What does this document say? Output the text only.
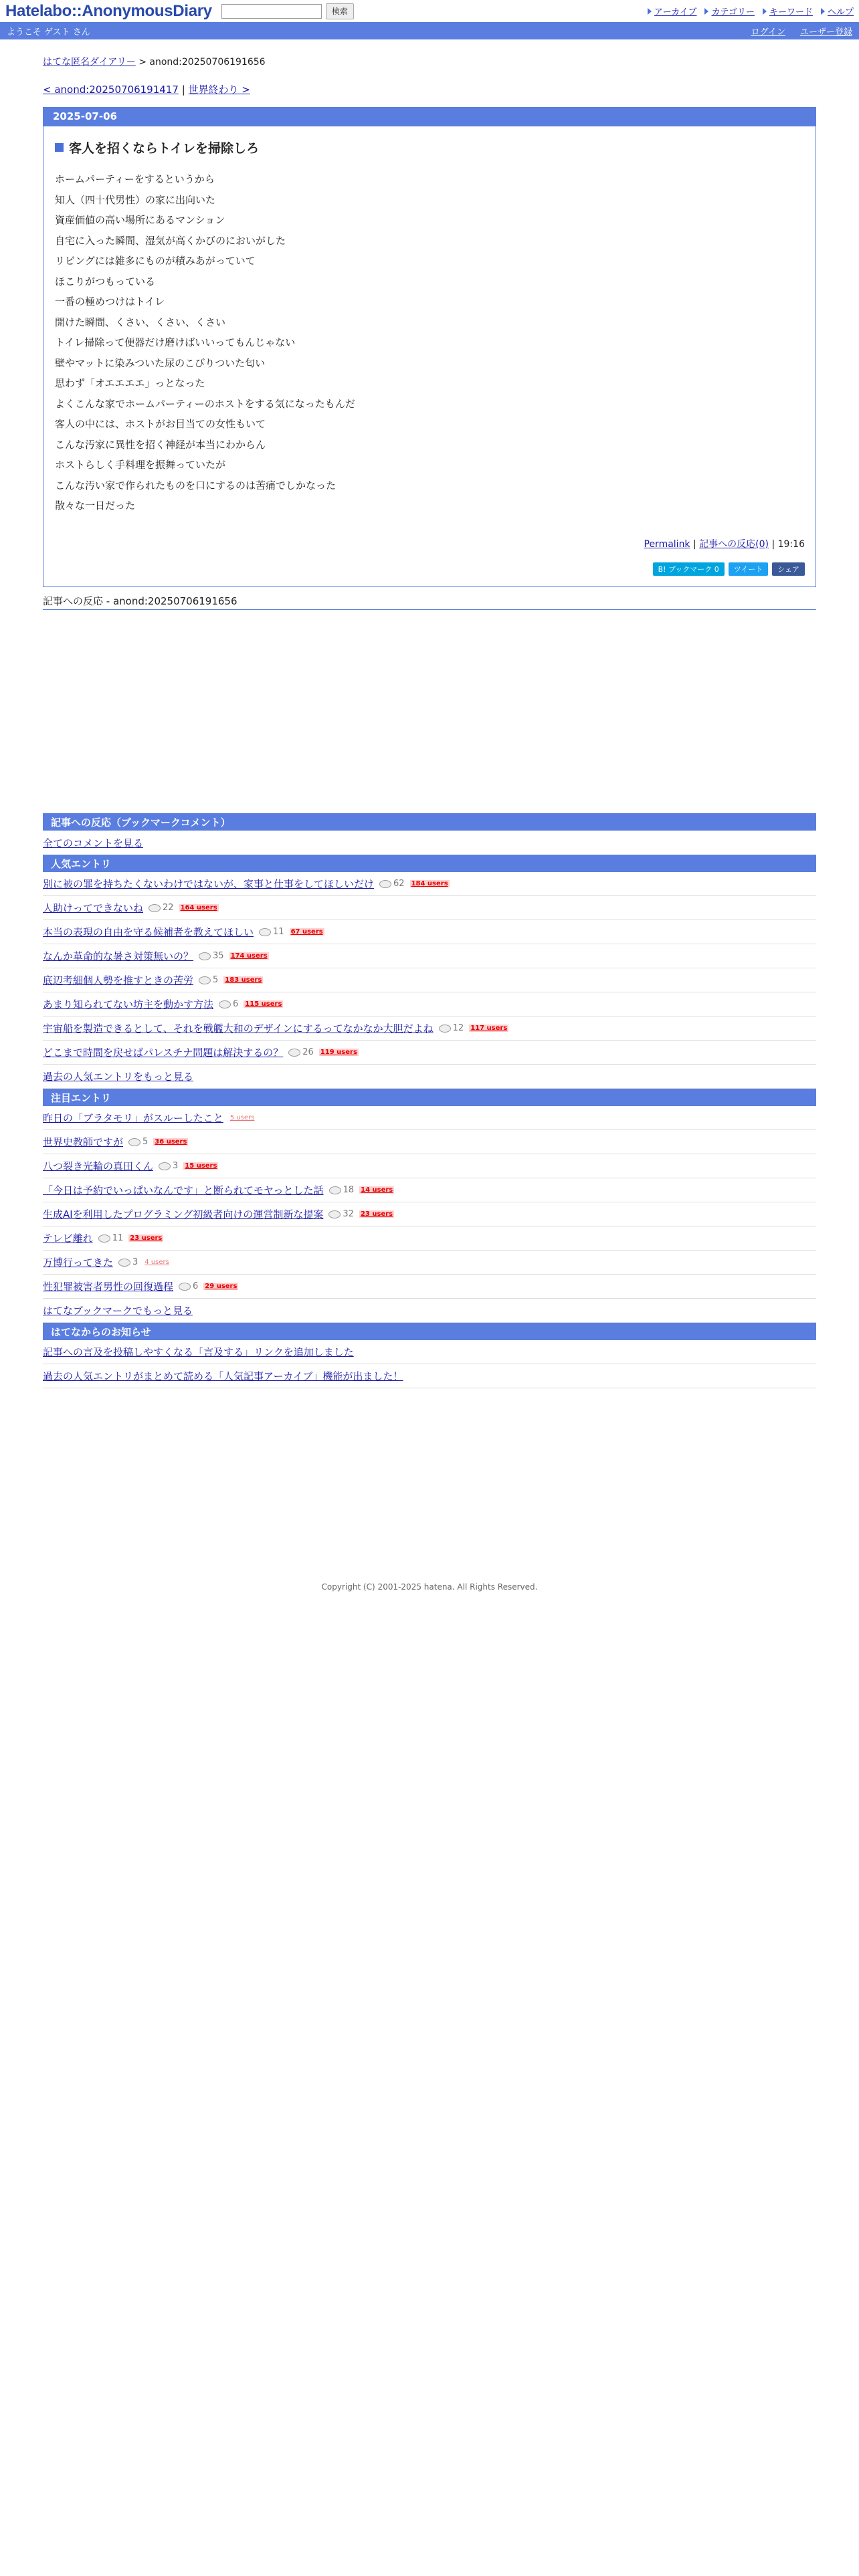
Hatelabo::AnonymousDiary	検索	アーカイブ カテゴリー キーワード ヘルプ
ようこそ ゲスト さん	ログイン ユーザー登録
はてな匿名ダイアリー > anond:20250706191656
< anond:20250706191417 | 世界終わり >
2025-07-06
客人を招くならトイレを掃除しろ

ホームパーティーをするというから

知人（四十代男性）の家に出向いた

資産価値の高い場所にあるマンション

自宅に入った瞬間、湿気が高くかびのにおいがした

リビングには雑多にものが積みあがっていて

ほこりがつもっている

一番の極めつけはトイレ

開けた瞬間、くさい、くさい、くさい

トイレ掃除って便器だけ磨けばいいってもんじゃない

壁やマットに染みついた尿のこびりついた匂い

思わず「オエエエエ」っとなった

よくこんな家でホームパーティーのホストをする気になったもんだ

客人の中には、ホストがお目当ての女性もいて

こんな汚家に異性を招く神経が本当にわからん

ホストらしく手料理を振舞っていたが

こんな汚い家で作られたものを口にするのは苦痛でしかなった

散々な一日だった

Permalink | 記事への反応(0) | 19:16
B! ブックマーク 0	ツイート	シェア
記事への反応 - anond:20250706191656
記事への反応（ブックマークコメント）
全てのコメントを見る
人気エントリ
別に被の罪を持ちたくないわけではないが、家事と仕事をしてほしいだけ 62 184 users
人助けってできないね 22 164 users
本当の表現の自由を守る候補者を教えてほしい 11 67 users
なんか革命的な暑さ対策無いの？ 35 174 users
底辺考細個人勢を推すときの苦労 5 183 users
あまり知られてない坊主を動かす方法 6 115 users
宇宙船を製造できるとして、それを戦艦大和のデザインにするってなかなか大胆だよね 12 117 users
どこまで時間を戻せばパレスチナ問題は解決するの？ 26 119 users
過去の人気エントリをもっと見る
注目エントリ
昨日の「ブラタモリ」がスルーしたこと 5 users
世界史教師ですが 5 36 users
八つ裂き光輪の真田くん 3 15 users
「今日は予約でいっぱいなんです」と断られてモヤっとした話 18 14 users
生成AIを利用したプログラミング初級者向けの運営制新な提案 32 23 users
テレビ離れ 11 23 users
万博行ってきた 3 4 users
性犯罪被害者男性の回復過程 6 29 users
はてなブックマークでもっと見る
はてなからのお知らせ
記事への言及を投稿しやすくなる「言及する」リンクを追加しました
過去の人気エントリがまとめて読める「人気記事アーカイブ」機能が出ました！
Copyright (C) 2001-2025 hatena. All Rights Reserved.
